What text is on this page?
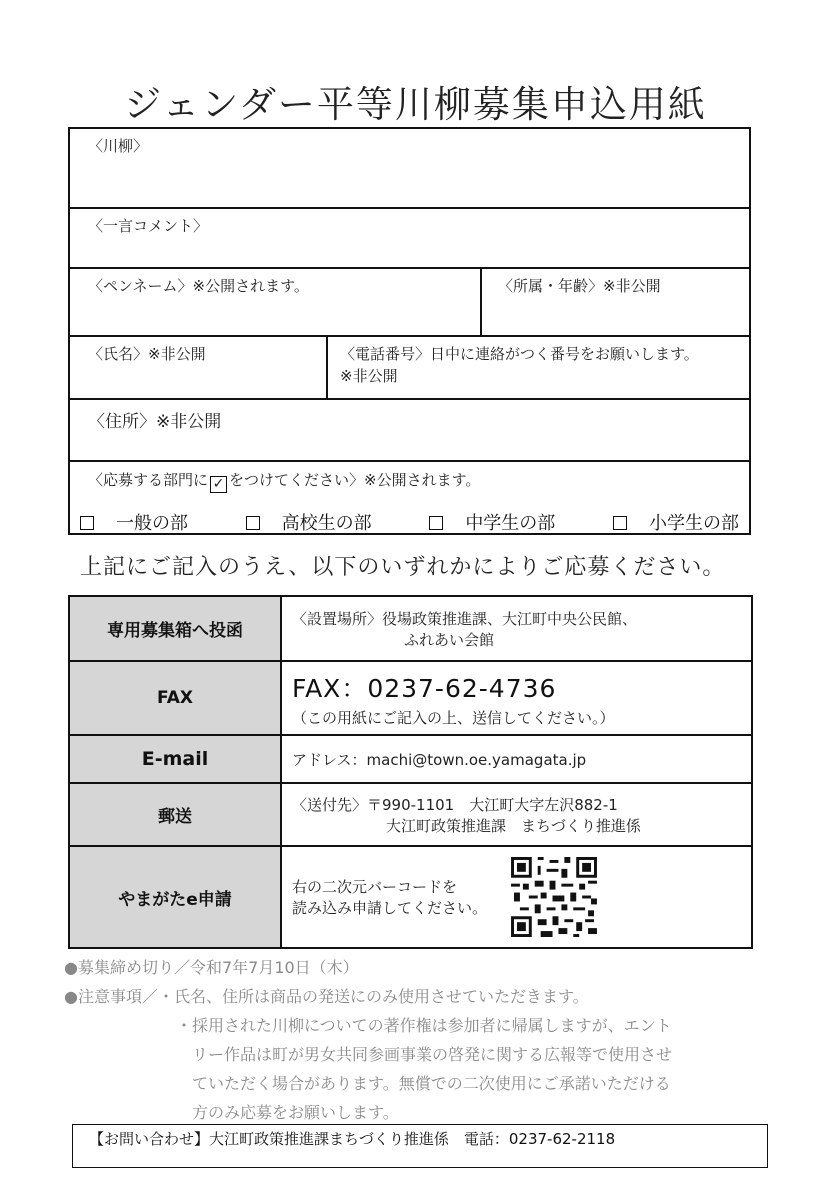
ジェンダー平等川柳募集申込用紙
〈川柳〉
〈一言コメント〉
〈ペンネーム〉※公開されます。	〈所属・年齢〉※非公開
〈氏名〉※非公開	〈電話番号〉日中に連絡がつく番号をお願いします。
※非公開
〈住所〉※非公開
〈応募する部門に ✓ をつけてください〉※公開されます。
一般の部	高校生の部	中学生の部	小学生の部
上記にご記入のうえ、以下のいずれかによりご応募ください。
専用募集箱へ投函	〈設置場所〉役場政策推進課、大江町中央公民館、
ふれあい会館

FAX	FAX：0237-62-4736
（この用紙にご記入の上、送信してください。）

E-mail	アドレス：machi@town.oe.yamagata.jp
郵送	〈送付先〉〒990-1101　大江町大字左沢882-1
大江町政策推進課　まちづくり推進係

やまがたe申請	右の二次元バーコードを
読み込み申請してください。

●募集締め切り／令和7年7月10日（木）

●注意事項／・氏名、住所は商品の発送にのみ使用させていただきます。

・採用された川柳についての著作権は参加者に帰属しますが、エント

リー作品は町が男女共同参画事業の啓発に関する広報等で使用させ

ていただく場合があります。無償での二次使用にご承諾いただける

方のみ応募をお願いします。

【お問い合わせ】大江町政策推進課まちづくり推進係　電話：0237-62-2118
